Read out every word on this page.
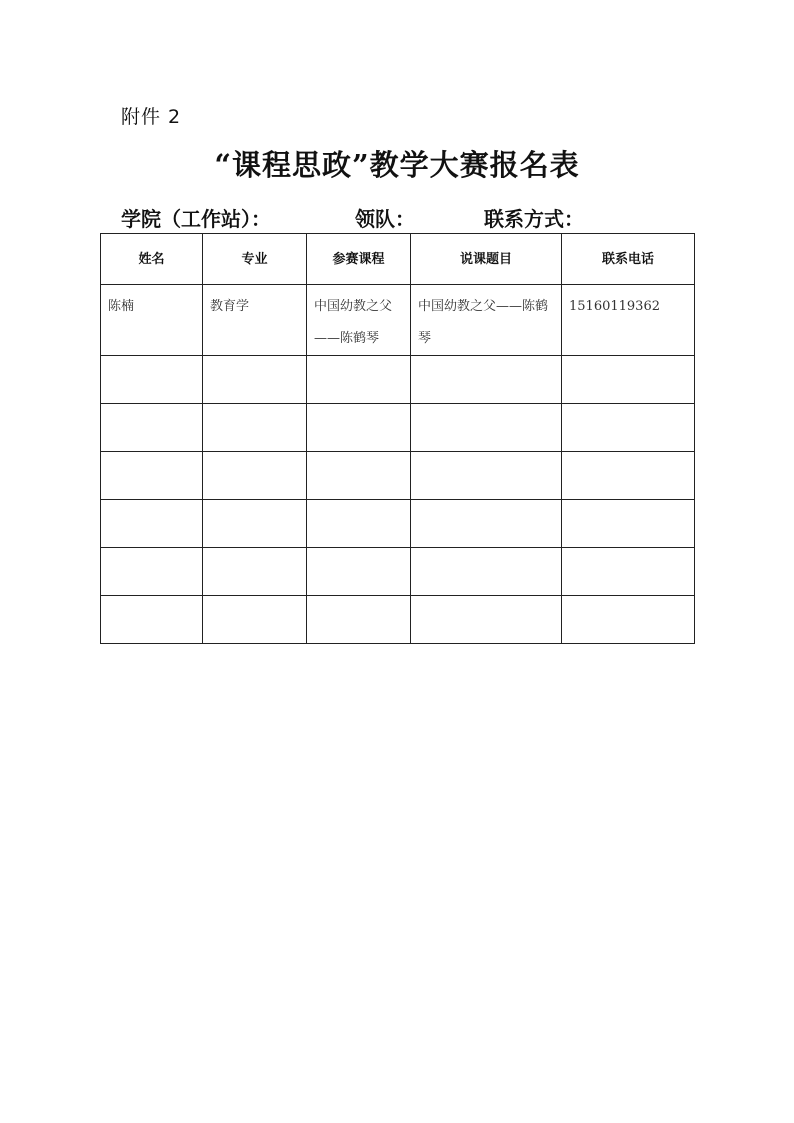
附件 2
“课程思政”教学大赛报名表
学院（工作站）：	领队：	联系方式：
姓名	专业	参赛课程	说课题目	联系电话
陈楠	教育学	中国幼教之父——陈鹤琴	中国幼教之父——陈鹤琴	15160119362
